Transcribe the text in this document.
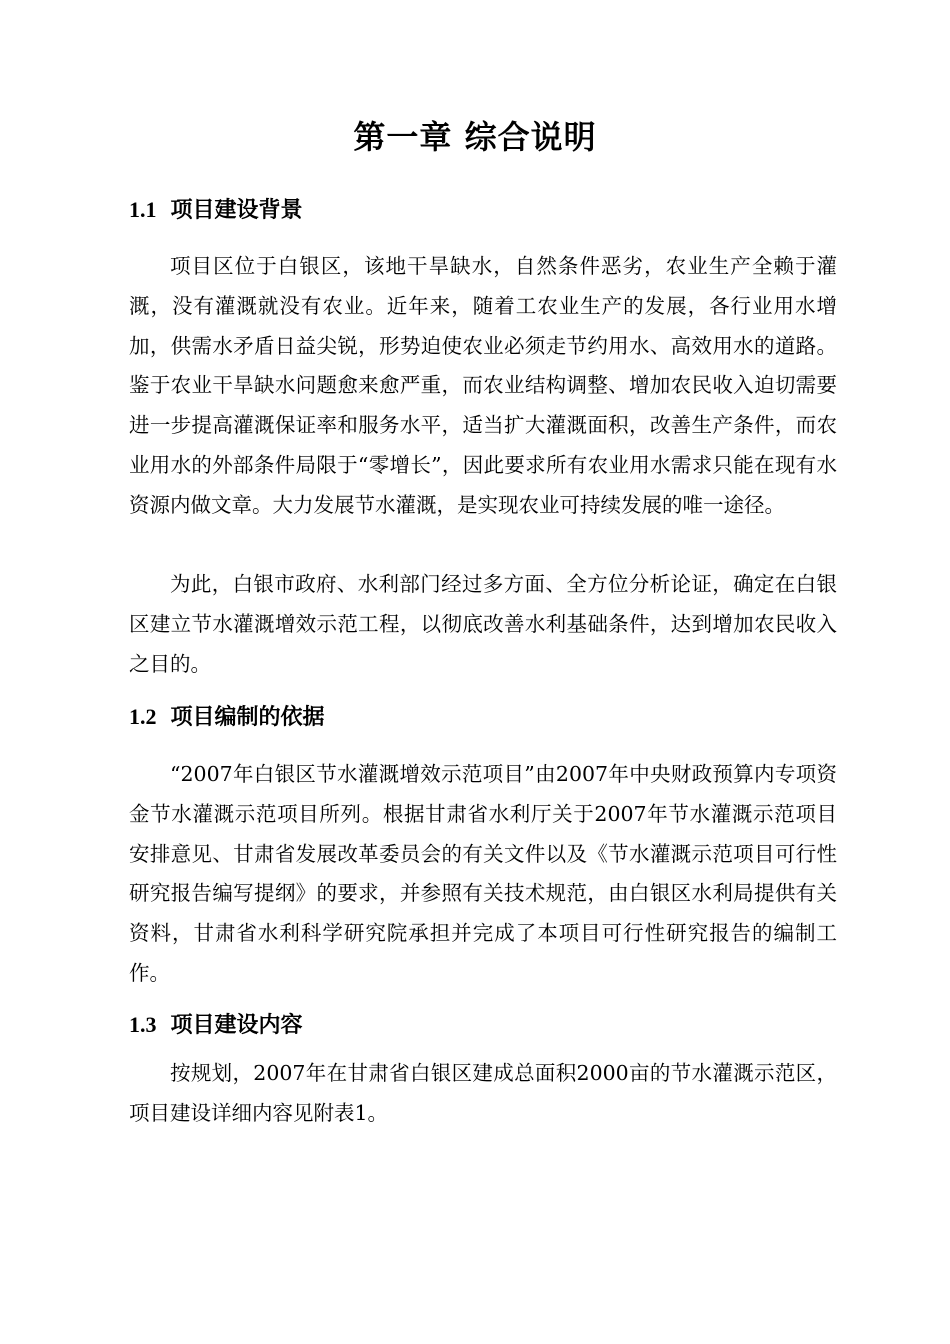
第一章 综合说明
1.1 项目建设背景

项目区位于白银区，该地干旱缺水，自然条件恶劣，农业生产全赖于灌溉，没有灌溉就没有农业。近年来，随着工农业生产的发展，各行业用水增加，供需水矛盾日益尖锐，形势迫使农业必须走节约用水、高效用水的道路。鉴于农业干旱缺水问题愈来愈严重，而农业结构调整、增加农民收入迫切需要进一步提高灌溉保证率和服务水平，适当扩大灌溉面积，改善生产条件，而农业用水的外部条件局限于“零增长”，因此要求所有农业用水需求只能在现有水资源内做文章。大力发展节水灌溉，是实现农业可持续发展的唯一途径。

为此，白银市政府、水利部门经过多方面、全方位分析论证，确定在白银区建立节水灌溉增效示范工程，以彻底改善水利基础条件，达到增加农民收入之目的。

1.2 项目编制的依据

“2007年白银区节水灌溉增效示范项目”由2007年中央财政预算内专项资金节水灌溉示范项目所列。根据甘肃省水利厅关于2007年节水灌溉示范项目安排意见、甘肃省发展改革委员会的有关文件以及《节水灌溉示范项目可行性研究报告编写提纲》的要求，并参照有关技术规范，由白银区水利局提供有关资料，甘肃省水利科学研究院承担并完成了本项目可行性研究报告的编制工作。

1.3 项目建设内容

按规划，2007年在甘肃省白银区建成总面积2000亩的节水灌溉示范区，项目建设详细内容见附表1。
